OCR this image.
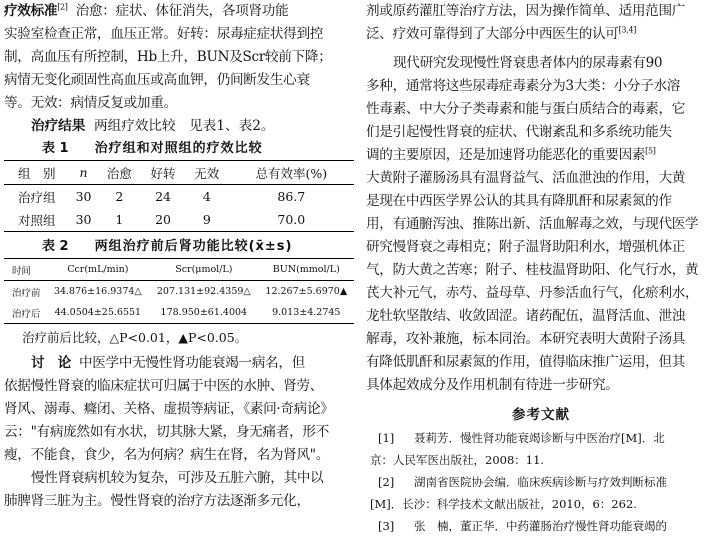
疗效标准[2] 治愈：症状、体征消失，各项肾功能
实验室检查正常，血压正常。好转：尿毒症症状得到控
制，高血压有所控制，Hb上升，BUN及Scr较前下降；
病情无变化顽固性高血压或高血钾，仍间断发生心衰
等。无效：病情反复或加重。
治疗结果 两组疗效比较　见表1、表2。
表 1 治疗组和对照组的疗效比较
组　别	n	治愈	好转	无效	总有效率(%)
治疗组	30	2	24	4	86.7
对照组	30	1	20	9	70.0
表 2 两组治疗前后肾功能比较(x̄±s)
时间	Ccr(mL/min)	Scr(μmol/L)	BUN(mmol/L)
治疗前	34.876±16.9374△	207.131±92.4359△	12.267±5.6970▲
治疗后	44.0504±25.6551	178.950±61.4004	9.013±4.2745
治疗前后比较，△P<0.01，▲P<0.05。
讨　论 中医学中无慢性肾功能衰竭一病名，但
依据慢性肾衰的临床症状可归属于中医的水肿、肾劳、
肾风、溺毒、癃闭、关格、虚损等病证，《素问·奇病论》
云："有病庞然如有水状，切其脉大紧，身无痛者，形不
瘦，不能食，食少，名为何病？病生在肾，名为肾风"。
慢性肾衰病机较为复杂，可涉及五脏六腑，其中以
肺脾肾三脏为主。慢性肾衰的治疗方法逐渐多元化，
剂或原药灌肛等治疗方法，因为操作简单、适用范围广
泛、疗效可靠得到了大部分中西医生的认可[3,4]
现代研究发现慢性肾衰患者体内的尿毒素有90
多种，通常将这些尿毒症毒素分为3大类：小分子水溶
性毒素、中大分子类毒素和能与蛋白质结合的毒素，它
们是引起慢性肾衰的症状、代谢紊乱和多系统功能失
调的主要原因，还是加速肾功能恶化的重要因素[5]
大黄附子灌肠汤具有温肾益气、活血泄浊的作用，大黄
是现在中西医学界公认的其具有降肌酐和尿素氮的作
用，有通腑泻浊、推陈出新、活血解毒之效，与现代医学
研究慢肾衰之毒相克；附子温肾助阳利水，增强机体正
气，防大黄之苦寒；附子、桂枝温肾助阳、化气行水，黄
芪大补元气，赤芍、益母草、丹参活血行气，化瘀利水，
龙牡软坚散结、收敛固涩。诸药配伍，温肾活血、泄浊
解毒，攻补兼施，标本同治。本研究表明大黄附子汤具
有降低肌酐和尿素氮的作用，值得临床推广运用，但其
具体起效成分及作用机制有待进一步研究。
参考文献
[1] 聂莉芳．慢性肾功能衰竭诊断与中医治疗[M]．北
京：人民军医出版社，2008：11.
[2] 湖南省医院协会编．临床疾病诊断与疗效判断标准
[M]．长沙：科学技术文献出版社，2010，6：262.
[3] 张　楠，董正华．中药灌肠治疗慢性肾功能衰竭的
